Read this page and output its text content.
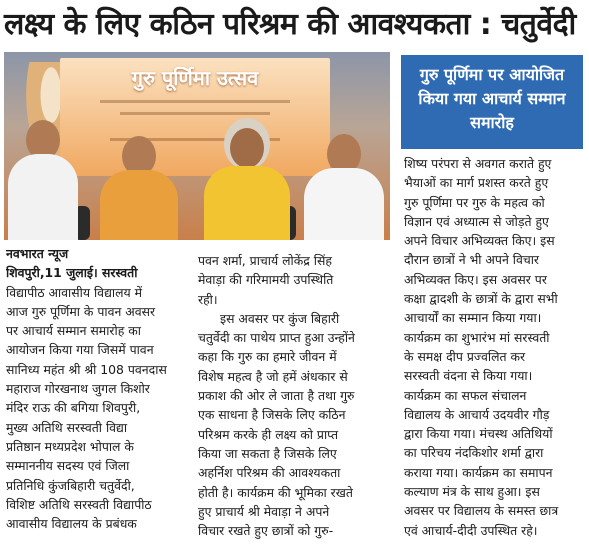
लक्ष्य के लिए कठिन परिश्रम की आवश्यकता : चतुर्वेदी
गुरु पूर्णिमा उत्सव	गुरु पूर्णिमा पर आयोजित
किया गया आचार्य सम्मान
समारोह
नवभारत न्यूज
शिवपुरी,11 जुलाई। सरस्वती
विद्यापीठ आवासीय विद्यालय में
आज गुरु पूर्णिमा के पावन अवसर
पर आचार्य सम्मान समारोह का
आयोजन किया गया जिसमें पावन
सानिध्य महंत श्री श्री 108 पवनदास
महाराज गोरखनाथ जुगल किशोर
मंदिर राऊ की बगिया शिवपुरी,
मुख्य अतिथि सरस्वती विद्या
प्रतिष्ठान मध्यप्रदेश भोपाल के
सम्माननीय सदस्य एवं जिला
प्रतिनिधि कुंजबिहारी चतुर्वेदी,
विशिष्ट अतिथि सरस्वती विद्यापीठ
आवासीय विद्यालय के प्रबंधक
पवन शर्मा, प्राचार्य लोकेंद्र सिंह
मेवाड़ा की गरिमामयी उपस्थिति
रही।
इस अवसर पर कुंज बिहारी
चतुर्वेदी का पाथेय प्राप्त हुआ उन्होंने
कहा कि गुरु का हमारे जीवन में
विशेष महत्व है जो हमें अंधकार से
प्रकाश की ओर ले जाता है तथा गुरु
एक साधना है जिसके लिए कठिन
परिश्रम करके ही लक्ष्य को प्राप्त
किया जा सकता है जिसके लिए
अहर्निश परिश्रम की आवश्यकता
होती है। कार्यक्रम की भूमिका रखते
हुए प्राचार्य श्री मेवाड़ा ने अपने
विचार रखते हुए छात्रों को गुरु-
शिष्य परंपरा से अवगत कराते हुए
भैयाओं का मार्ग प्रशस्त करते हुए
गुरु पूर्णिमा पर गुरु के महत्व को
विज्ञान एवं अध्यात्म से जोड़ते हुए
अपने विचार अभिव्यक्त किए। इस
दौरान छात्रों ने भी अपने विचार
अभिव्यक्त किए। इस अवसर पर
कक्षा द्वादशी के छात्रों के द्वारा सभी
आचार्यों का सम्मान किया गया।
कार्यक्रम का शुभारंभ मां सरस्वती
के समक्ष दीप प्रज्वलित कर
सरस्वती वंदना से किया गया।
कार्यक्रम का सफल संचालन
विद्यालय के आचार्य उदयवीर गौड़
द्वारा किया गया। मंचस्थ अतिथियों
का परिचय नंदकिशोर शर्मा द्वारा
कराया गया। कार्यक्रम का समापन
कल्याण मंत्र के साथ हुआ। इस
अवसर पर विद्यालय के समस्त छात्र
एवं आचार्य-दीदी उपस्थित रहे।
